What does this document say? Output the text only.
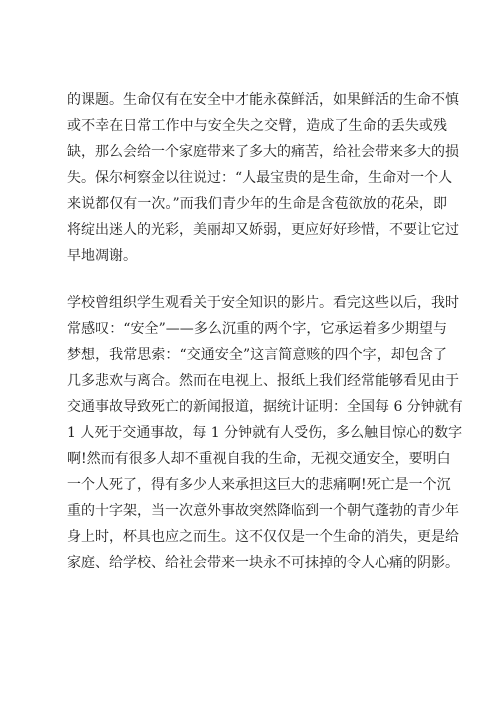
的课题。生命仅有在安全中才能永葆鲜活，如果鲜活的生命不慎
或不幸在日常工作中与安全失之交臂，造成了生命的丢失或残
缺，那么会给一个家庭带来了多大的痛苦，给社会带来多大的损
失。保尔柯察金以往说过：“人最宝贵的是生命，生命对一个人
来说都仅有一次。”而我们青少年的生命是含苞欲放的花朵，即
将绽出迷人的光彩，美丽却又娇弱，更应好好珍惜，不要让它过
早地凋谢。
学校曾组织学生观看关于安全知识的影片。看完这些以后，我时
常感叹：“安全”——多么沉重的两个字，它承运着多少期望与
梦想，我常思索：“交通安全”这言简意赅的四个字，却包含了
几多悲欢与离合。然而在电视上、报纸上我们经常能够看见由于
交通事故导致死亡的新闻报道，据统计证明：全国每 6 分钟就有
1 人死于交通事故，每 1 分钟就有人受伤，多么触目惊心的数字
啊!然而有很多人却不重视自我的生命，无视交通安全，要明白
一个人死了，得有多少人来承担这巨大的悲痛啊!死亡是一个沉
重的十字架，当一次意外事故突然降临到一个朝气蓬勃的青少年
身上时，杯具也应之而生。这不仅仅是一个生命的消失，更是给
家庭、给学校、给社会带来一块永不可抹掉的令人心痛的阴影。
